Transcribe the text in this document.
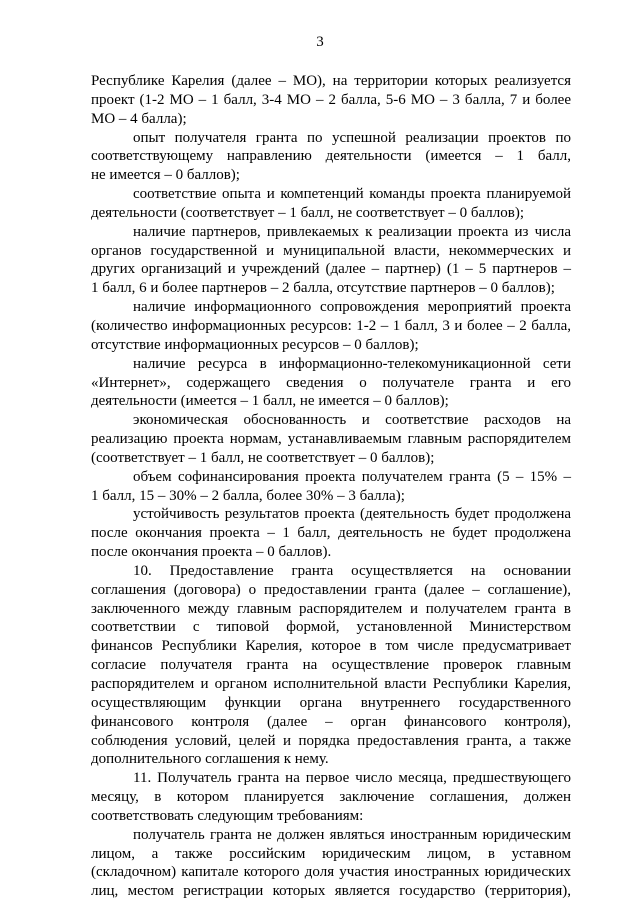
3
Республике Карелия (далее – МО), на территории которых реализуется
проект (1-2 МО – 1 балл, 3-4 МО – 2 балла, 5-6 МО – 3 балла, 7 и более
МО – 4 балла);
опыт получателя гранта по успешной реализации проектов по
соответствующему направлению деятельности (имеется – 1 балл,
не имеется – 0 баллов);
соответствие опыта и компетенций команды проекта планируемой
деятельности (соответствует – 1 балл, не соответствует – 0 баллов);
наличие партнеров, привлекаемых к реализации проекта из числа
органов государственной и муниципальной власти, некоммерческих и
других организаций и учреждений (далее – партнер) (1 – 5 партнеров –
1 балл, 6 и более партнеров – 2 балла, отсутствие партнеров – 0 баллов);
наличие информационного сопровождения мероприятий проекта
(количество информационных ресурсов: 1-2 – 1 балл, 3 и более – 2 балла,
отсутствие информационных ресурсов – 0 баллов);
наличие ресурса в информационно-телекомуникационной сети
«Интернет», содержащего сведения о получателе гранта и его
деятельности (имеется – 1 балл, не имеется – 0 баллов);
экономическая обоснованность и соответствие расходов на
реализацию проекта нормам, устанавливаемым главным распорядителем
(соответствует – 1 балл, не соответствует – 0 баллов);
объем софинансирования проекта получателем гранта (5 – 15% –
1 балл, 15 – 30% – 2 балла, более 30% – 3 балла);
устойчивость результатов проекта (деятельность будет продолжена
после окончания проекта – 1 балл, деятельность не будет продолжена
после окончания проекта – 0 баллов).
10. Предоставление гранта осуществляется на основании
соглашения (договора) о предоставлении гранта (далее – соглашение),
заключенного между главным распорядителем и получателем гранта в
соответствии с типовой формой, установленной Министерством
финансов Республики Карелия, которое в том числе предусматривает
согласие получателя гранта на осуществление проверок главным
распорядителем и органом исполнительной власти Республики Карелия,
осуществляющим функции органа внутреннего государственного
финансового контроля (далее – орган финансового контроля),
соблюдения условий, целей и порядка предоставления гранта, а также
дополнительного соглашения к нему.
11. Получатель гранта на первое число месяца, предшествующего
месяцу, в котором планируется заключение соглашения, должен
соответствовать следующим требованиям:
получатель гранта не должен являться иностранным юридическим
лицом, а также российским юридическим лицом, в уставном
(складочном) капитале которого доля участия иностранных юридических
лиц, местом регистрации которых является государство (территория),
